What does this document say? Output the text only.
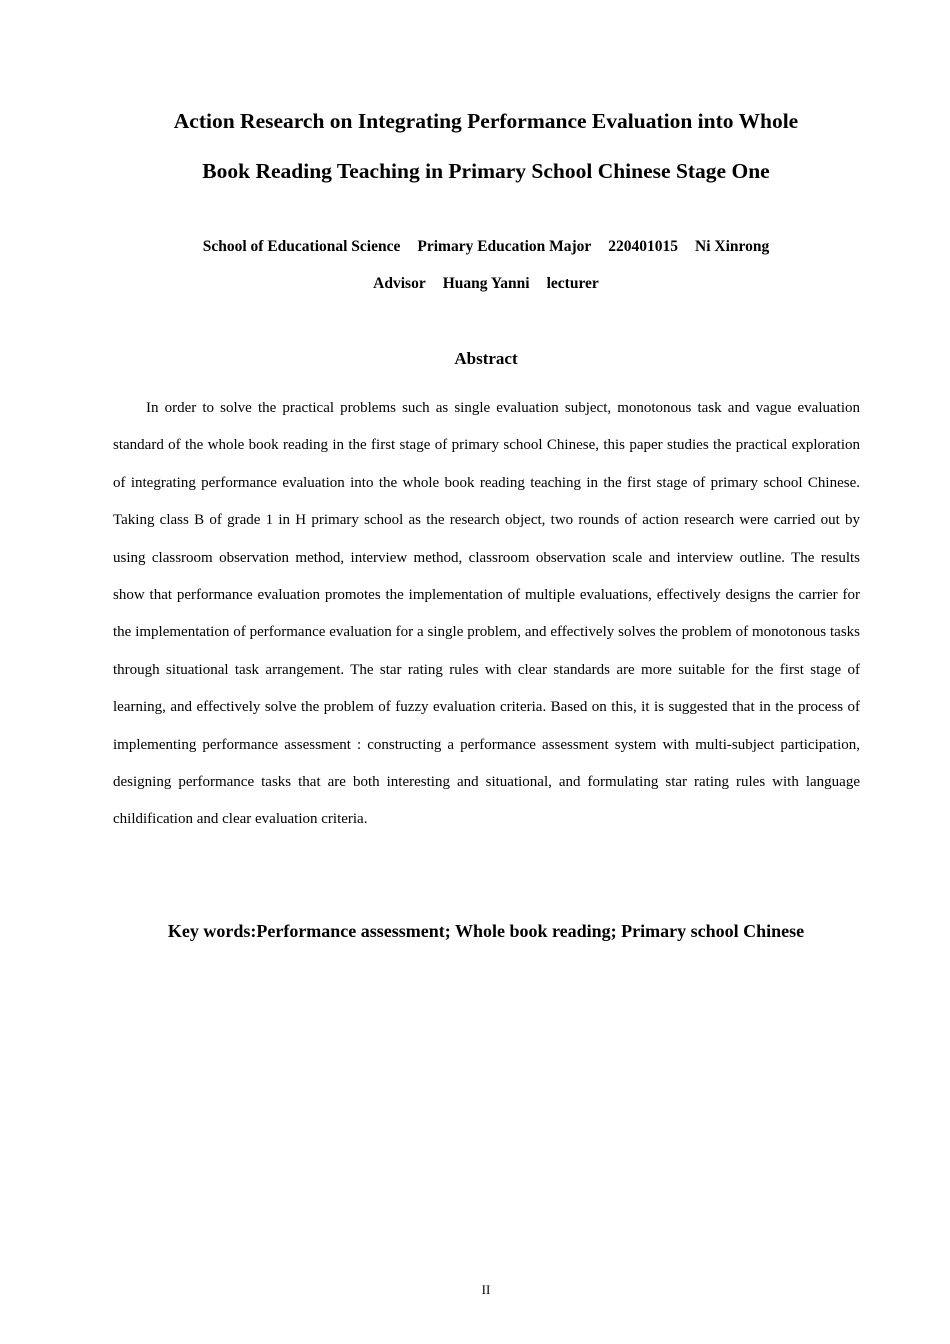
Action Research on Integrating Performance Evaluation into Whole
Book Reading Teaching in Primary School Chinese Stage One
School of Educational Science Primary Education Major 220401015 Ni Xinrong
Advisor Huang Yanni lecturer
Abstract

In order to solve the practical problems such as single evaluation subject, monotonous task and vague evaluation standard of the whole book reading in the first stage of primary school Chinese, this paper studies the practical exploration of integrating performance evaluation into the whole book reading teaching in the first stage of primary school Chinese. Taking class B of grade 1 in H primary school as the research object, two rounds of action research were carried out by using classroom observation method, interview method, classroom observation scale and interview outline. The results show that performance evaluation promotes the implementation of multiple evaluations, effectively designs the carrier for the implementation of performance evaluation for a single problem, and effectively solves the problem of monotonous tasks through situational task arrangement. The star rating rules with clear standards are more suitable for the first stage of learning, and effectively solve the problem of fuzzy evaluation criteria. Based on this, it is suggested that in the process of implementing performance assessment : constructing a performance assessment system with multi-subject participation, designing performance tasks that are both interesting and situational, and formulating star rating rules with language childification and clear evaluation criteria.

Key words:Performance assessment; Whole book reading; Primary school Chinese
II
